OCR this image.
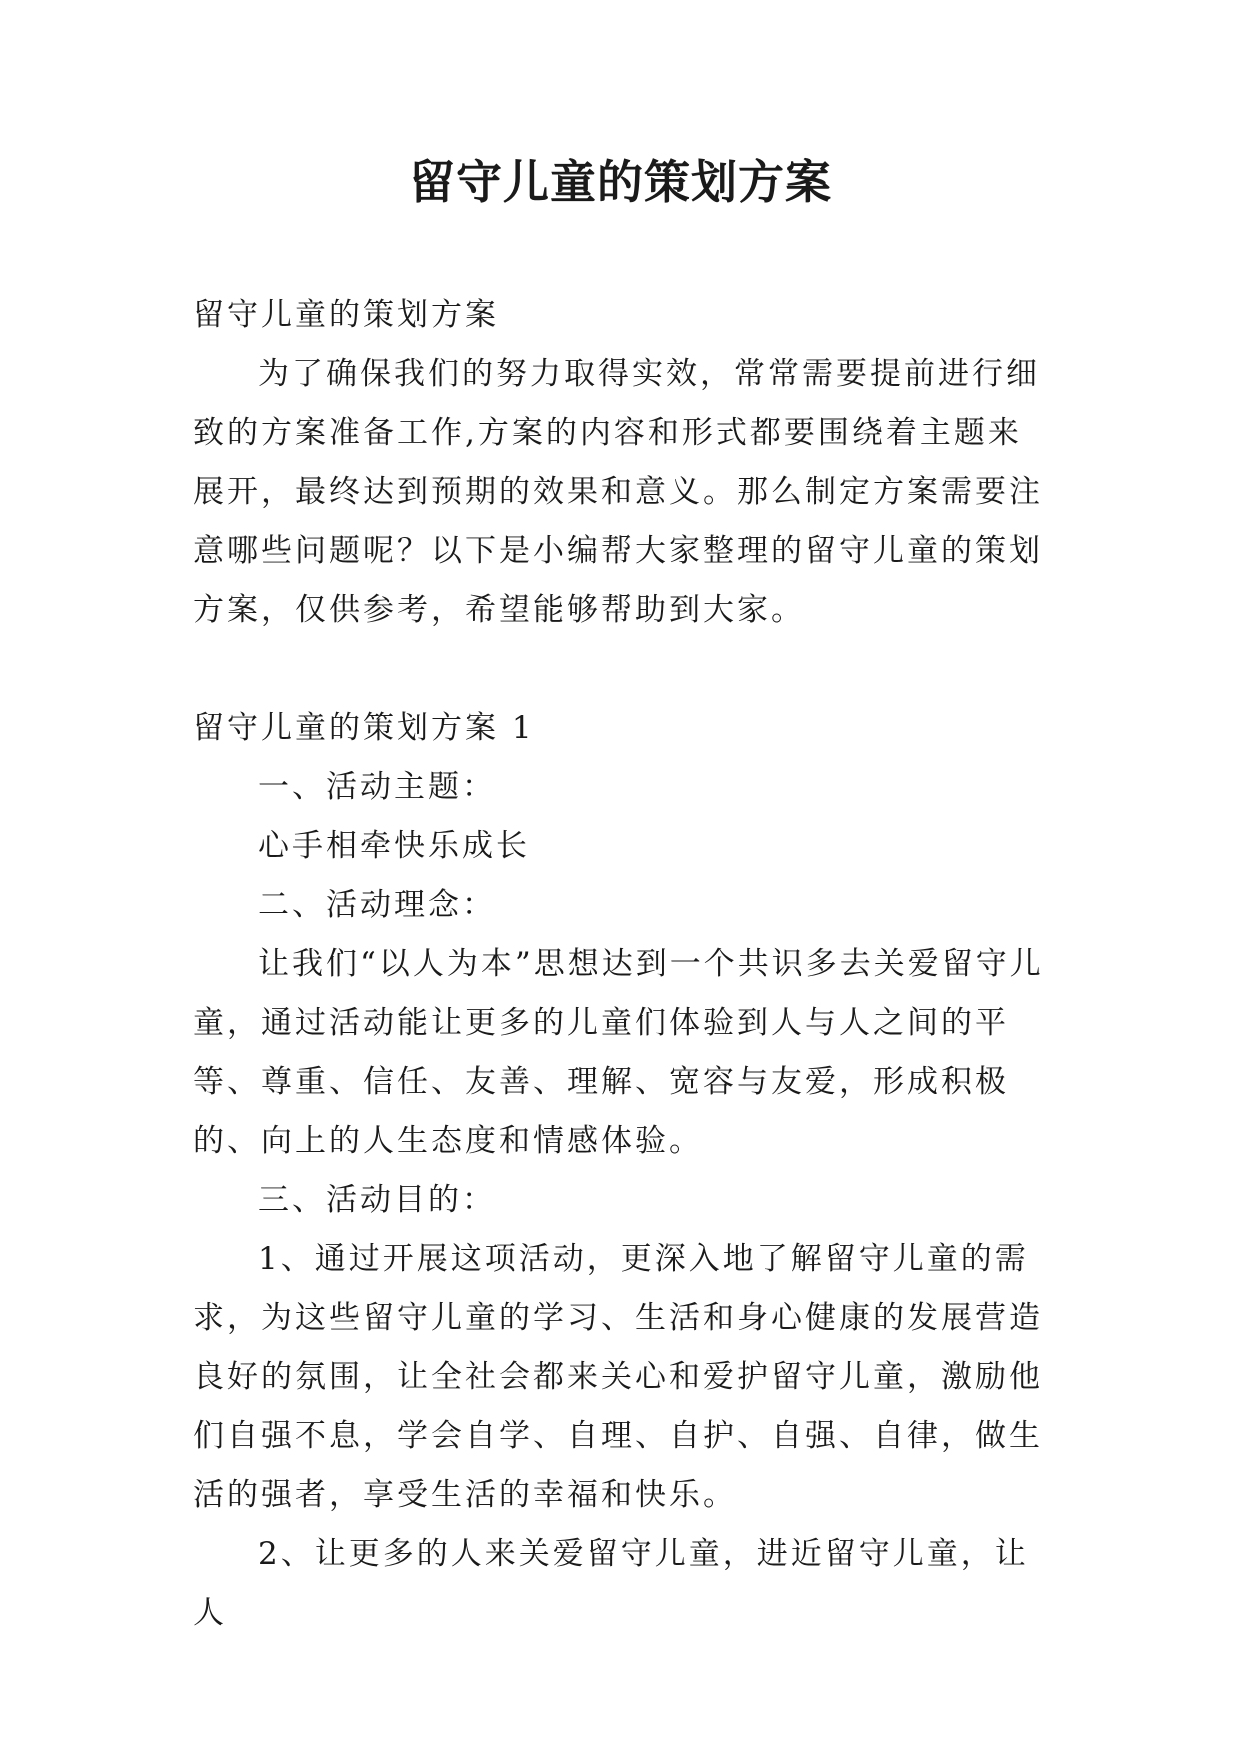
留守儿童的策划方案

留守儿童的策划方案

为了确保我们的努力取得实效，常常需要提前进行细致的方案准备工作,方案的内容和形式都要围绕着主题来展开，最终达到预期的效果和意义。那么制定方案需要注意哪些问题呢？以下是小编帮大家整理的留守儿童的策划方案，仅供参考，希望能够帮助到大家。

留守儿童的策划方案 1

一、活动主题：

心手相牵快乐成长

二、活动理念：

让我们“以人为本”思想达到一个共识多去关爱留守儿童，通过活动能让更多的儿童们体验到人与人之间的平等、尊重、信任、友善、理解、宽容与友爱，形成积极的、向上的人生态度和情感体验。

三、活动目的：

1、通过开展这项活动，更深入地了解留守儿童的需求，为这些留守儿童的学习、生活和身心健康的发展营造良好的氛围，让全社会都来关心和爱护留守儿童，激励他们自强不息，学会自学、自理、自护、自强、自律，做生活的强者，享受生活的幸福和快乐。

2、让更多的人来关爱留守儿童，进近留守儿童，让人
